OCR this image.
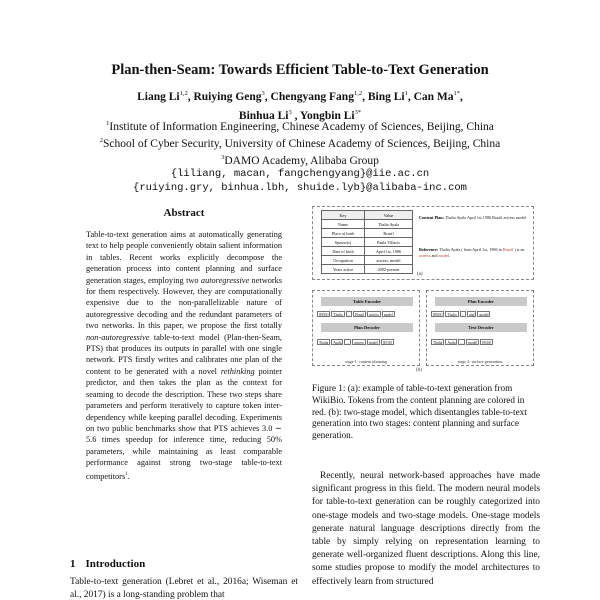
Plan-then-Seam: Towards Efficient Table-to-Text Generation
Liang Li$^{1,2}$, Ruiying Geng$^3$, Chengyang Fang$^{1,2}$, Bing Li$^1$, Can $Ma^{1*}$,
Binhua Li$^3$ , Yongbin $Li^{3*}$
$^1$Institute of Information Engineering, Chinese Academy of Sciences, Beijing, China
$^2$School of Cyber Security, University of Chinese Academy of Sciences, Beijing, China
$^3$DAMO Academy, Alibaba Group
{liliang, macan, fangchengyang}@iie.ac.cn
{ruiying.gry, binhua.lbh, shuide.lyb}@alibaba-inc.com
Abstract
Table-to-text generation aims at automatically generating text to help people conveniently obtain salient information in tables. Recent works explicitly decompose the generation process into content planning and surface generation stages, employing two autoregressive networks for them respectively. However, they are computationally expensive due to the non-parallelizable nature of autoregressive decoding and the redundant parameters of two networks. In this paper, we propose the first totally non-autoregressive table-to-text model (Plan-then-Seam, PTS) that produces its outputs in parallel with one single network. PTS firstly writes and calibrates one plan of the content to be generated with a novel rethinking pointer predictor, and then takes the plan as the context for seaming to decode the description. These two steps share parameters and perform iteratively to capture token inter-dependency while keeping parallel decoding. Experiments on two public benchmarks show that PTS achieves 3.0 ∼ 5.6 times speedup for inference time, reducing 50% parameters, while maintaining as least comparable performance against strong two-stage table-to-text competitors$^1$.
1 Introduction
Table-to-text generation (Lebret et al., 2016a; Wiseman et al., 2017) is a long-standing problem that
Key	Value
Name	Thalia Ayala
Place of birth	Brazil
Spouse(s)	Paula Villacis
Date of birth	April 1st, 1986
Occupation	actress, model
Years active	2002-present
Content Plan: Thalia Ayala April 1st 1986 Brazil actress model
Reference: Thalia Ayala ( born April 1st, 1986 in Brazil ) is an actress and model.
(a)
Table Encoder
[BOS] Thalia ... Brazil actress model
Plan Decoder
Thalia Ayala ... actress model [EOS]
stage 1: content planning
Plan Encoder
[BOS] Thalia ... and model
Text Decoder
Thalia Ayala ... model [EOS]
stage 2: surface generation
(b)
Figure 1: (a): example of table-to-text generation from WikiBio. Tokens from the content planning are colored in red. (b): two-stage model, which disentangles table-to-text generation into two stages: content planning and surface generation.
Recently, neural network-based approaches have made significant progress in this field. The modern neural models for table-to-text generation can be roughly categorized into one-stage models and two-stage models. One-stage models generate natural language descriptions directly from the table by simply relying on representation learning to generate well-organized fluent descriptions. Along this line, some studies propose to modify the model architectures to effectively learn from structured
